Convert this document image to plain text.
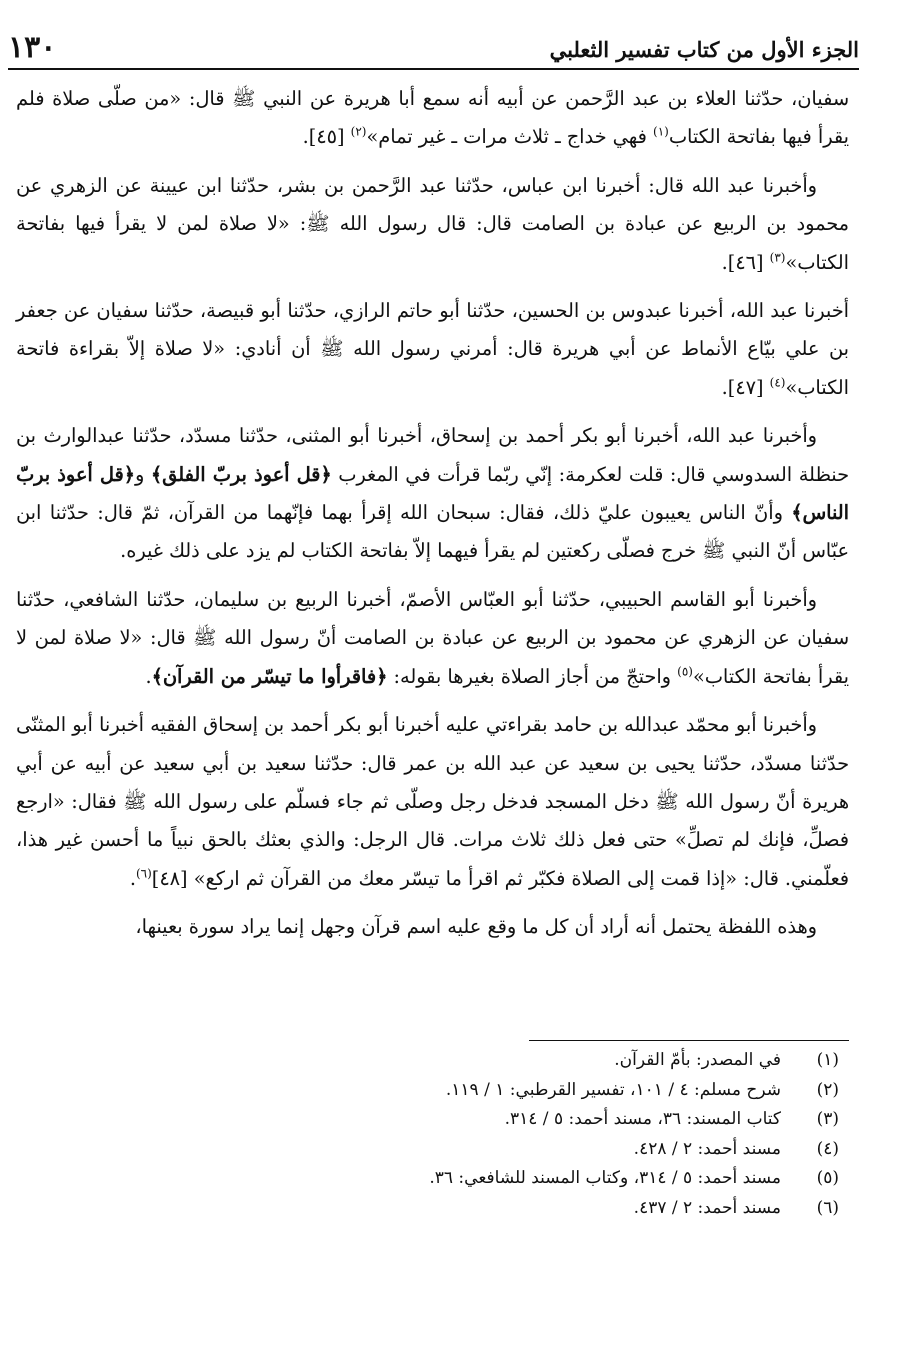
الجزء الأول من كتاب تفسير الثعلبي
١٣٠

سفيان، حدّثنا العلاء بن عبد الرَّحمن عن أبيه أنه سمع أبا هريرة عن النبي ﷺ قال: «من صلّى صلاة فلم يقرأ فيها بفاتحة الكتاب$^{(١)}$ فهي خداج ـ ثلاث مرات ـ غير تمام»$^{(٢)}$ [٤٥].

وأخبرنا عبد الله قال: أخبرنا ابن عباس، حدّثنا عبد الرَّحمن بن بشر، حدّثنا ابن عيينة عن الزهري عن محمود بن الربيع عن عبادة بن الصامت قال: قال رسول الله ﷺ: «لا صلاة لمن لا يقرأ فيها بفاتحة الكتاب»$^{(٣)}$ [٤٦].

أخبرنا عبد الله، أخبرنا عبدوس بن الحسين، حدّثنا أبو حاتم الرازي، حدّثنا أبو قبيصة، حدّثنا سفيان عن جعفر بن علي بيّاع الأنماط عن أبي هريرة قال: أمرني رسول الله ﷺ أن أنادي: «لا صلاة إلاّ بقراءة فاتحة الكتاب»$^{(٤)}$ [٤٧].

وأخبرنا عبد الله، أخبرنا أبو بكر أحمد بن إسحاق، أخبرنا أبو المثنى، حدّثنا مسدّد، حدّثنا عبدالوارث بن حنظلة السدوسي قال: قلت لعكرمة: إنّي ربّما قرأت في المغرب ﴿قل أعوذ بربّ الفلق﴾ و﴿قل أعوذ بربّ الناس﴾ وأنّ الناس يعيبون عليّ ذلك، فقال: سبحان الله إقرأ بهما فإنّهما من القرآن، ثمّ قال: حدّثنا ابن عبّاس أنّ النبي ﷺ خرج فصلّى ركعتين لم يقرأ فيهما إلاّ بفاتحة الكتاب لم يزد على ذلك غيره.

وأخبرنا أبو القاسم الحبيبي، حدّثنا أبو العبّاس الأصمّ، أخبرنا الربيع بن سليمان، حدّثنا الشافعي، حدّثنا سفيان عن الزهري عن محمود بن الربيع عن عبادة بن الصامت أنّ رسول الله ﷺ قال: «لا صلاة لمن لا يقرأ بفاتحة الكتاب»$^{(٥)}$ واحتجّ من أجاز الصلاة بغيرها بقوله: ﴿فاقرأوا ما تيسّر من القرآن﴾.

وأخبرنا أبو محمّد عبدالله بن حامد بقراءتي عليه أخبرنا أبو بكر أحمد بن إسحاق الفقيه أخبرنا أبو المثنّى حدّثنا مسدّد، حدّثنا يحيى بن سعيد عن عبد الله بن عمر قال: حدّثنا سعيد بن أبي سعيد عن أبيه عن أبي هريرة أنّ رسول الله ﷺ دخل المسجد فدخل رجل وصلّى ثم جاء فسلّم على رسول الله ﷺ فقال: «ارجع فصلِّ، فإنك لم تصلِّ» حتى فعل ذلك ثلاث مرات. قال الرجل: والذي بعثك بالحق نبياً ما أحسن غير هذا، فعلّمني. قال: «إذا قمت إلى الصلاة فكبّر ثم اقرأ ما تيسّر معك من القرآن ثم اركع» [٤٨]$^{(٦)}$.

وهذه اللفظة يحتمل أنه أراد أن كل ما وقع عليه اسم قرآن وجهل إنما يراد سورة بعينها،

(١)
في المصدر: بأمّ القرآن.
(٢)
شرح مسلم: ٤ / ١٠١، تفسير القرطبي: ١ / ١١٩.
(٣)
كتاب المسند: ٣٦، مسند أحمد: ٥ / ٣١٤.
(٤)
مسند أحمد: ٢ / ٤٢٨.
(٥)
مسند أحمد: ٥ / ٣١٤، وكتاب المسند للشافعي: ٣٦.
(٦)
مسند أحمد: ٢ / ٤٣٧.
